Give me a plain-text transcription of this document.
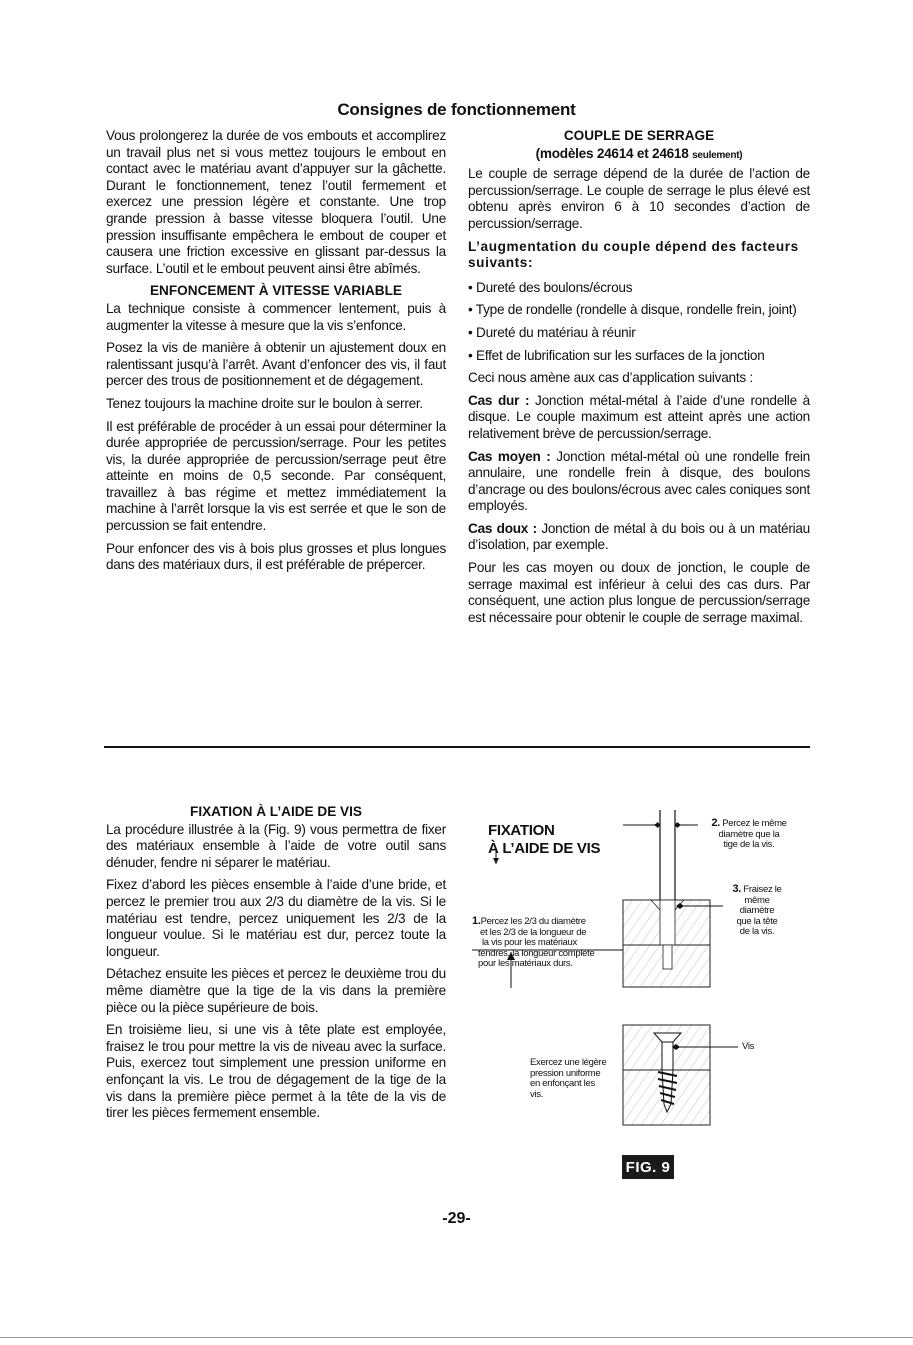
Consignes de fonctionnement

Vous prolongerez la durée de vos embouts et accomplirez un travail plus net si vous mettez toujours le embout en contact avec le matériau avant d’appuyer sur la gâchette. Durant le fonctionnement, tenez l’outil fermement et exercez une pression légère et constante. Une trop grande pression à basse vitesse bloquera l’outil. Une pression insuffisante empêchera le embout de couper et causera une friction excessive en glissant par-dessus la surface. L’outil et le embout peuvent ainsi être abîmés.

ENFONCEMENT À VITESSE VARIABLE

La technique consiste à commencer lentement, puis à augmenter la vitesse à mesure que la vis s’enfonce.

Posez la vis de manière à obtenir un ajustement doux en ralentissant jusqu’à l’arrêt. Avant d’enfoncer des vis, il faut percer des trous de positionnement et de dégagement.

Tenez toujours la machine droite sur le boulon à serrer.

Il est préférable de procéder à un essai pour déterminer la durée appropriée de percussion/serrage. Pour les petites vis, la durée appropriée de percussion/serrage peut être atteinte en moins de 0,5 seconde. Par conséquent, travaillez à bas régime et mettez immédiatement la machine à l’arrêt lorsque la vis est serrée et que le son de percussion se fait entendre.

Pour enfoncer des vis à bois plus grosses et plus longues dans des matériaux durs, il est préférable de prépercer.

COUPLE DE SERRAGE
(modèles 24614 et 24618 seulement)

Le couple de serrage dépend de la durée de l’action de percussion/serrage. Le couple de serrage le plus élevé est obtenu après environ 6 à 10 secondes d’action de percussion/serrage.

L’augmentation du couple dépend des facteurs suivants:
• Dureté des boulons/écrous
• Type de rondelle (rondelle à disque, rondelle frein, joint)
• Dureté du matériau à réunir
• Effet de lubrification sur les surfaces de la jonction

Ceci nous amène aux cas d’application suivants :

Cas dur : Jonction métal-métal à l’aide d’une rondelle à disque. Le couple maximum est atteint après une action relativement brève de percussion/serrage.

Cas moyen : Jonction métal-métal où une rondelle frein annulaire, une rondelle frein à disque, des boulons d’ancrage ou des boulons/écrous avec cales coniques sont employés.

Cas doux : Jonction de métal à du bois ou à un matériau d’isolation, par exemple.

Pour les cas moyen ou doux de jonction, le couple de serrage maximal est inférieur à celui des cas durs. Par conséquent, une action plus longue de percussion/serrage est nécessaire pour obtenir le couple de serrage maximal.

FIXATION À L’AIDE DE VIS

La procédure illustrée à la (Fig. 9) vous permettra de fixer des matériaux ensemble à l’aide de votre outil sans dénuder, fendre ni séparer le matériau.

Fixez d’abord les pièces ensemble à l’aide d’une bride, et percez le premier trou aux 2/3 du diamètre de la vis. Si le matériau est tendre, percez uniquement les 2/3 de la longueur voulue. Si le matériau est dur, percez toute la longueur.

Détachez ensuite les pièces et percez le deuxième trou du même diamètre que la tige de la vis dans la première pièce ou la pièce supérieure de bois.

En troisième lieu, si une vis à tête plate est employée, fraisez le trou pour mettre la vis de niveau avec la surface. Puis, exercez tout simplement une pression uniforme en enfonçant la vis. Le trou de dégagement de la tige de la vis dans la première pièce permet à la tête de la vis de tirer les pièces fermement ensemble.

FIXATION
À L’AIDE DE VIS
1.Percez les 2/3 du diamètre
et les 2/3 de la longueur de
la vis pour les matériaux
tendres, la longueur complète
pour les matériaux durs.
2. Percez le même
diamètre que la
tige de la vis.
3. Fraisez le
même
diamètre
que la tête
de la vis.
Exercez une légère
pression uniforme
en enfonçant les
vis.
Vis
FIG. 9
-29-
